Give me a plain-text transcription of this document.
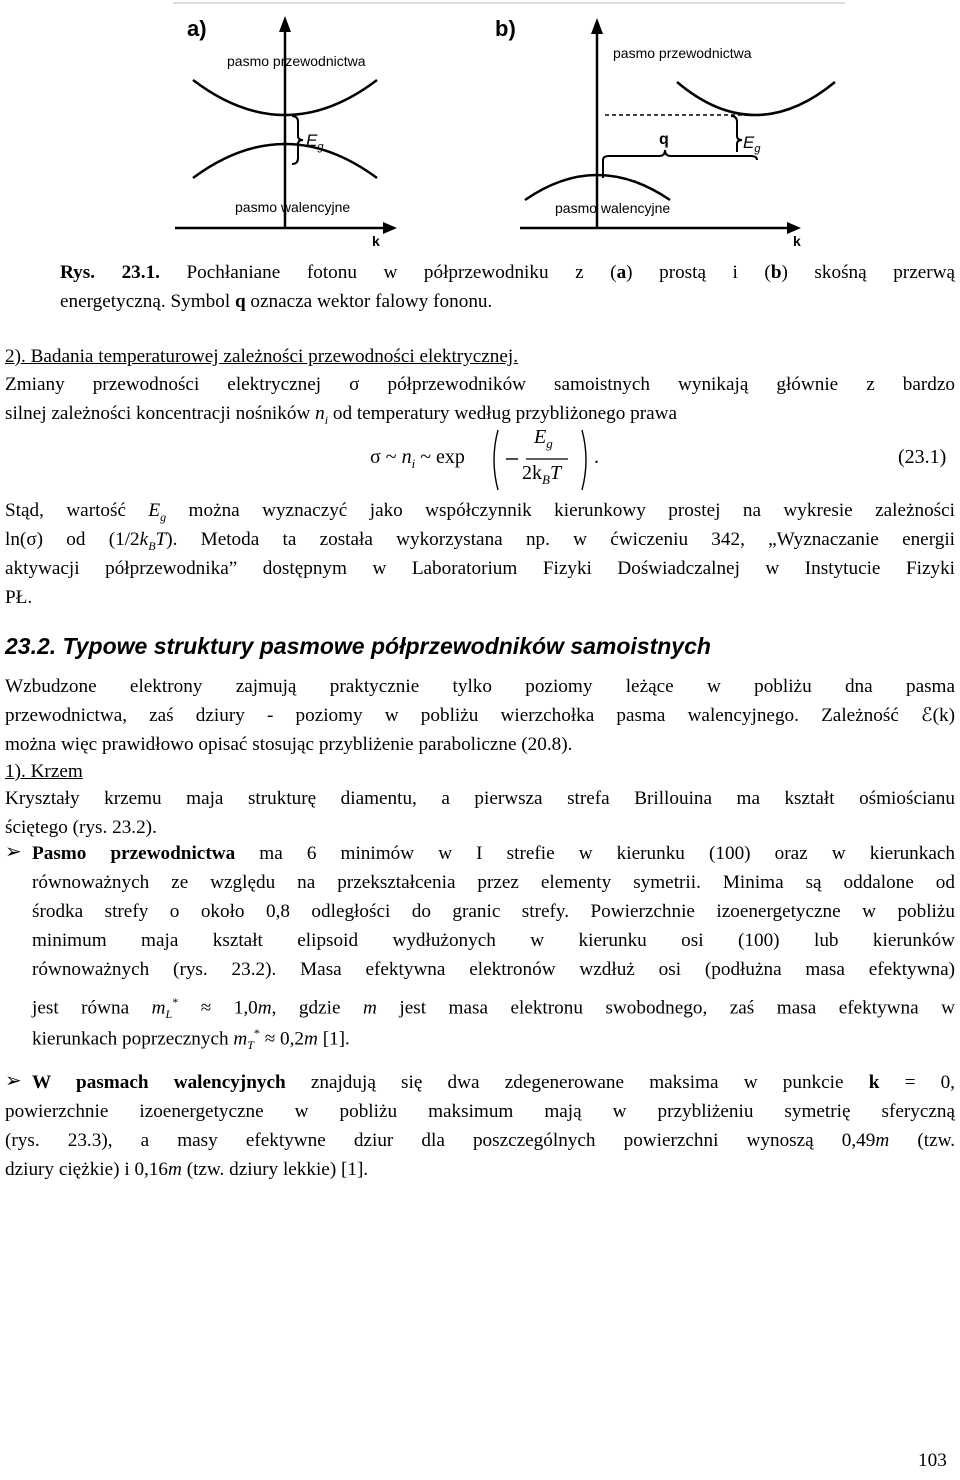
a)
pasmo przewodnictwa
$E_g$
pasmo walencyjne
k
b)
pasmo przewodnictwa
q	$E_g$
pasmo walencyjne
k
Rys. 23.1. Pochłaniane fotonu w półprzewodniku z (a) prostą i (b) skośną przerwą
energetyczną. Symbol q oznacza wektor falowy fononu.
2). Badania temperaturowej zależności przewodności elektrycznej.
Zmiany przewodności elektrycznej σ półprzewodników samoistnych wynikają głównie z bardzo
silnej zależności koncentracji nośników $n_i$ od temperatury według przybliżonego prawa
σ ~ $n_i$ ~ exp
$E_g$
$2k_BT$
.	(23.1)
Stąd, wartość $E_g$ można wyznaczyć jako współczynnik kierunkowy prostej na wykresie zależności
ln(σ) od $(1/2k_BT)$. Metoda ta została wykorzystana np. w ćwiczeniu 342, „Wyznaczanie energii
aktywacji półprzewodnika” dostępnym w Laboratorium Fizyki Doświadczalnej w Instytucie Fizyki
PŁ.
23.2. Typowe struktury pasmowe półprzewodników samoistnych
Wzbudzone elektrony zajmują praktycznie tylko poziomy leżące w pobliżu dna pasma
przewodnictwa, zaś dziury - poziomy w pobliżu wierzchołka pasma walencyjnego. Zależność ℰ(k)
można więc prawidłowo opisać stosując przybliżenie paraboliczne (20.8).
1). Krzem
Kryształy krzemu maja strukturę diamentu, a pierwsza strefa Brillouina ma kształt ośmiościanu
ściętego (rys. 23.2).
➢ Pasmo przewodnictwa ma 6 minimów w I strefie w kierunku (100) oraz w kierunkach
równoważnych ze względu na przekształcenia przez elementy symetrii. Minima są oddalone od
środka strefy o około 0,8 odległości do granic strefy. Powierzchnie izoenergetyczne w pobliżu
minimum maja kształt elipsoid wydłużonych w kierunku osi (100) lub kierunków
równoważnych (rys. 23.2). Masa efektywna elektronów wzdłuż osi (podłużna masa efektywna)
jest równa $m_L^* \approx 1,0m$, gdzie m jest masa elektronu swobodnego, zaś masa efektywna w
kierunkach poprzecznych $m_T^* \approx 0,2m$ [1].
➢ W pasmach walencyjnych znajdują się dwa zdegenerowane maksima w punkcie k = 0,
powierzchnie izoenergetyczne w pobliżu maksimum mają w przybliżeniu symetrię sferyczną
(rys. 23.3), a masy efektywne dziur dla poszczególnych powierzchni wynoszą 0,49m (tzw.
dziury ciężkie) i 0,16m (tzw. dziury lekkie) [1].
103
